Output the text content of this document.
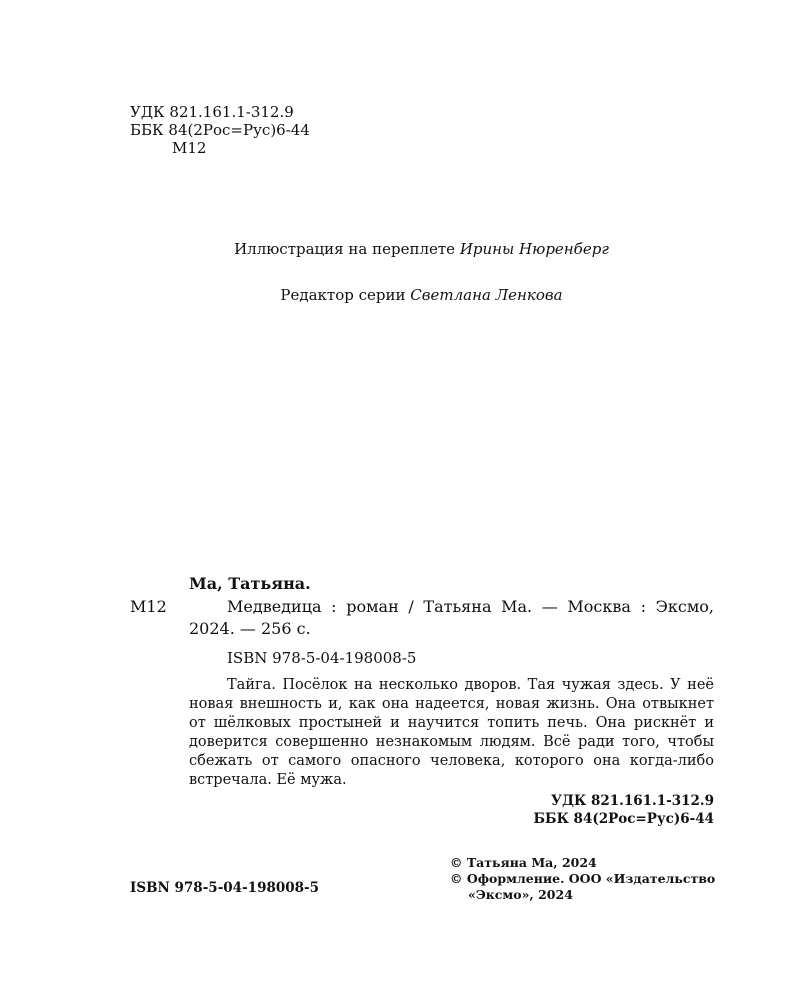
УДК 821.161.1-312.9
ББК 84(2Рос=Рус)6-44
М12
Иллюстрация на переплете Ирины Нюренберг
Редактор серии Светлана Ленкова
М12
Ма, Татьяна.
Медведица : роман / Татьяна Ма. — Москва : Эксмо, 2024. — 256 с.
ISBN 978-5-04-198008-5
Тайга. Посёлок на несколько дворов. Тая чужая здесь. У неё новая внешность и, как она надеется, новая жизнь. Она отвыкнет от шёлковых простыней и научится топить печь. Она рискнёт и доверится совершенно незнакомым людям. Всё ради того, чтобы сбежать от самого опасного человека, которого она когда-либо встречала. Её мужа.
УДК 821.161.1-312.9
ББК 84(2Рос=Рус)6-44
ISBN 978-5-04-198008-5
© Татьяна Ма, 2024
© Оформление. ООО «Издательство
«Эксмо», 2024
